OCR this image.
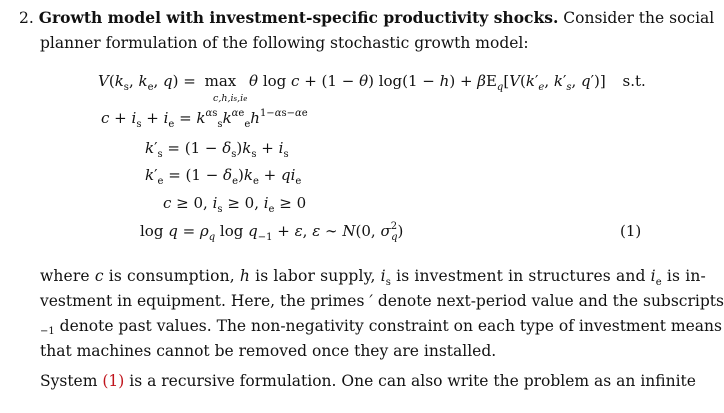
2. Growth model with investment-specific productivity shocks. Consider the social
planner formulation of the following stochastic growth model:
$V(k_s$, $k_e$, q) = max θ log c + (1 − θ) $\log(1 - h) + \beta E_q[V(k'_e$, $k'_s$, q′)] s.t.
c,h,is,ie
$c + i_s + i_e = k^{\alpha s}_sk^{\alpha e}_eh^{1-\alpha s-\alpha e}$
$k'_s = (1 - \delta_s)k_s + i_s$
$k'_e = (1 - \delta_e)k_e + qi_e$
c ≥ 0, $i_s \ge 0$, $i_e \ge 0$
$\log q = \rho_q$ $\log q_{-1} + \varepsilon$, ε ∼ N(0, $\sigma^2_q$)	(1)
where c is consumption, h is labor supply, $i_s$ is investment in structures and $i_e$ is in-
vestment in equipment. Here, the primes ′ denote next-period value and the subscripts
−1 denote past values. The non-negativity constraint on each type of investment means
that machines cannot be removed once they are installed.
System (1) is a recursive formulation. One can also write the problem as an infinite
